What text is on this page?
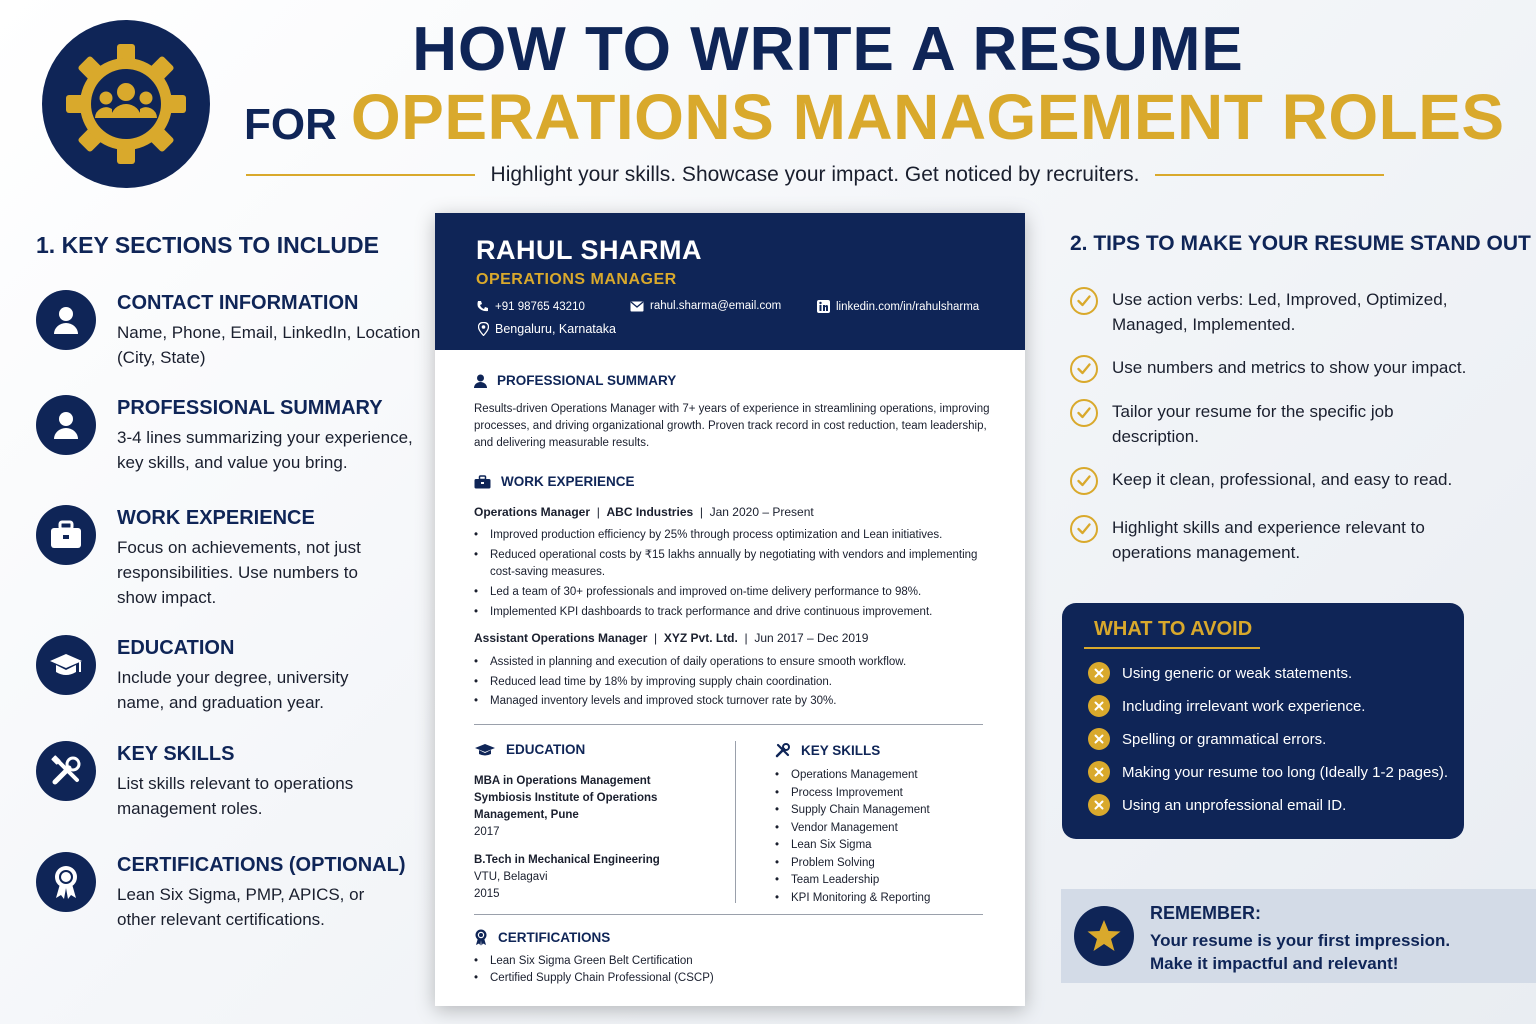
HOW TO WRITE A RESUME
FOR OPERATIONS MANAGEMENT ROLES
Highlight your skills. Showcase your impact. Get noticed by recruiters.
1. KEY SECTIONS TO INCLUDE
CONTACT INFORMATION
Name, Phone, Email, LinkedIn, Location (City, State)
PROFESSIONAL SUMMARY
3-4 lines summarizing your experience, key skills, and value you bring.
WORK EXPERIENCE
Focus on achievements, not just responsibilities. Use numbers to show impact.
EDUCATION
Include your degree, university name, and graduation year.
KEY SKILLS
List skills relevant to operations management roles.
CERTIFICATIONS (OPTIONAL)
Lean Six Sigma, PMP, APICS, or other relevant certifications.
RAHUL SHARMA
OPERATIONS MANAGER
+91 98765 43210	rahul.sharma@email.com	linkedin.com/in/rahulsharma
Bengaluru, Karnataka
PROFESSIONAL SUMMARY
Results-driven Operations Manager with 7+ years of experience in streamlining operations, improving processes, and driving organizational growth. Proven track record in cost reduction, team leadership, and delivering measurable results.
WORK EXPERIENCE
Operations Manager  |  ABC Industries  |  Jan 2020 – Present
• Improved production efficiency by 25% through process optimization and Lean initiatives.
• Reduced operational costs by ₹15 lakhs annually by negotiating with vendors and implementing cost-saving measures.
• Led a team of 30+ professionals and improved on-time delivery performance to 98%.
• Implemented KPI dashboards to track performance and drive continuous improvement.
Assistant Operations Manager  |  XYZ Pvt. Ltd.  |  Jun 2017 – Dec 2019
• Assisted in planning and execution of daily operations to ensure smooth workflow.
• Reduced lead time by 18% by improving supply chain coordination.
• Managed inventory levels and improved stock turnover rate by 30%.
EDUCATION
MBA in Operations Management
Symbiosis Institute of Operations Management, Pune
2017
B.Tech in Mechanical Engineering
VTU, Belagavi
2015
KEY SKILLS
• Operations Management
• Process Improvement
• Supply Chain Management
• Vendor Management
• Lean Six Sigma
• Problem Solving
• Team Leadership
• KPI Monitoring & Reporting
CERTIFICATIONS
• Lean Six Sigma Green Belt Certification
• Certified Supply Chain Professional (CSCP)
2. TIPS TO MAKE YOUR RESUME STAND OUT
Use action verbs: Led, Improved, Optimized, Managed, Implemented.
Use numbers and metrics to show your impact.
Tailor your resume for the specific job description.
Keep it clean, professional, and easy to read.
Highlight skills and experience relevant to operations management.
WHAT TO AVOID
Using generic or weak statements.
Including irrelevant work experience.
Spelling or grammatical errors.
Making your resume too long (Ideally 1-2 pages).
Using an unprofessional email ID.
REMEMBER:
Your resume is your first impression.
Make it impactful and relevant!
